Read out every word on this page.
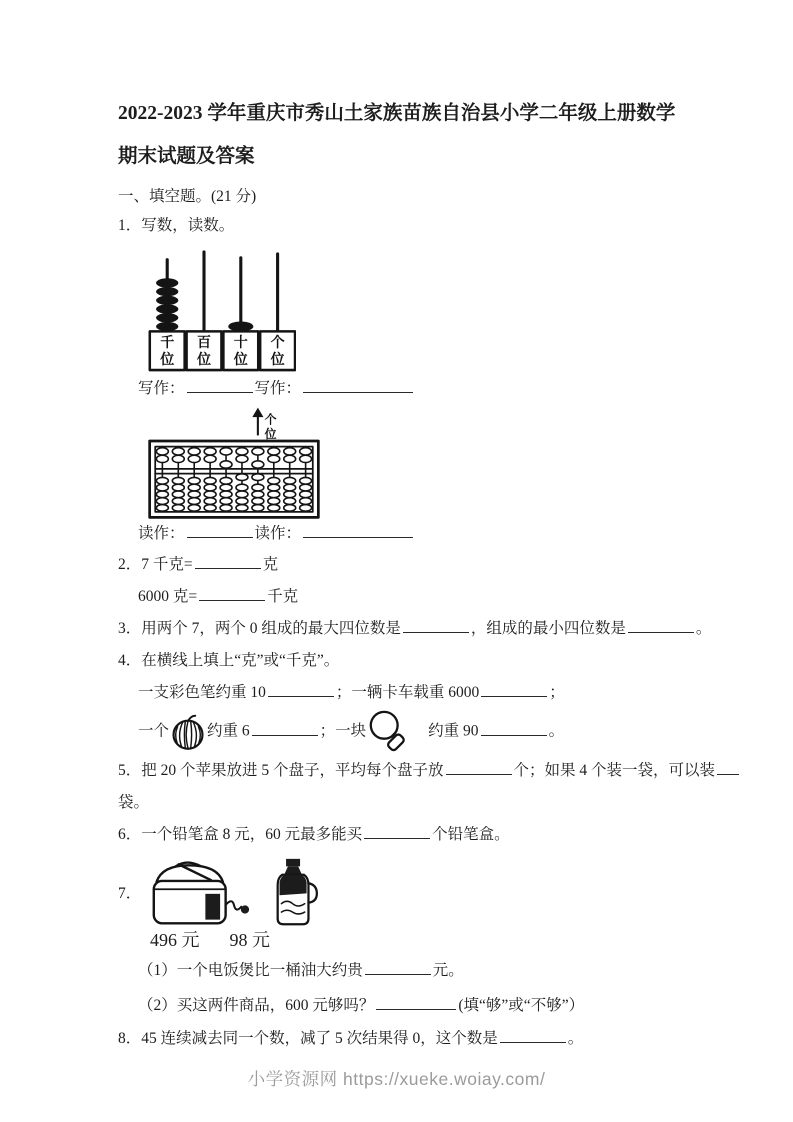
2022-2023 学年重庆市秀山土家族苗族自治县小学二年级上册数学期末试题及答案
一、填空题。(21 分)
1．写数，读数。
千
位
百
位
十
位
个
位
写作：	写作：
个
位
读作：	读作：
2．7 千克=	克
6000 克=	千克
3．用两个 7，两个 0 组成的最大四位数是	，组成的最小四位数是	。
4．在横线上填上“克”或“千克”。
一支彩色笔约重 10	；一辆卡车载重 6000	；
一个 约重 6	；一块	约重 90	。
5．把 20 个苹果放进 5 个盘子，平均每个盘子放	个；如果 4 个装一袋，可以装
袋。
6．一个铅笔盒 8 元，60 元最多能买	个铅笔盒。
7．
496 元 98 元
（1）一个电饭煲比一桶油大约贵	元。
（2）买这两件商品，600 元够吗？	(填“够”或“不够”）
8．45 连续减去同一个数，减了 5 次结果得 0，这个数是	。
小学资源网 https://xueke.woiay.com/
